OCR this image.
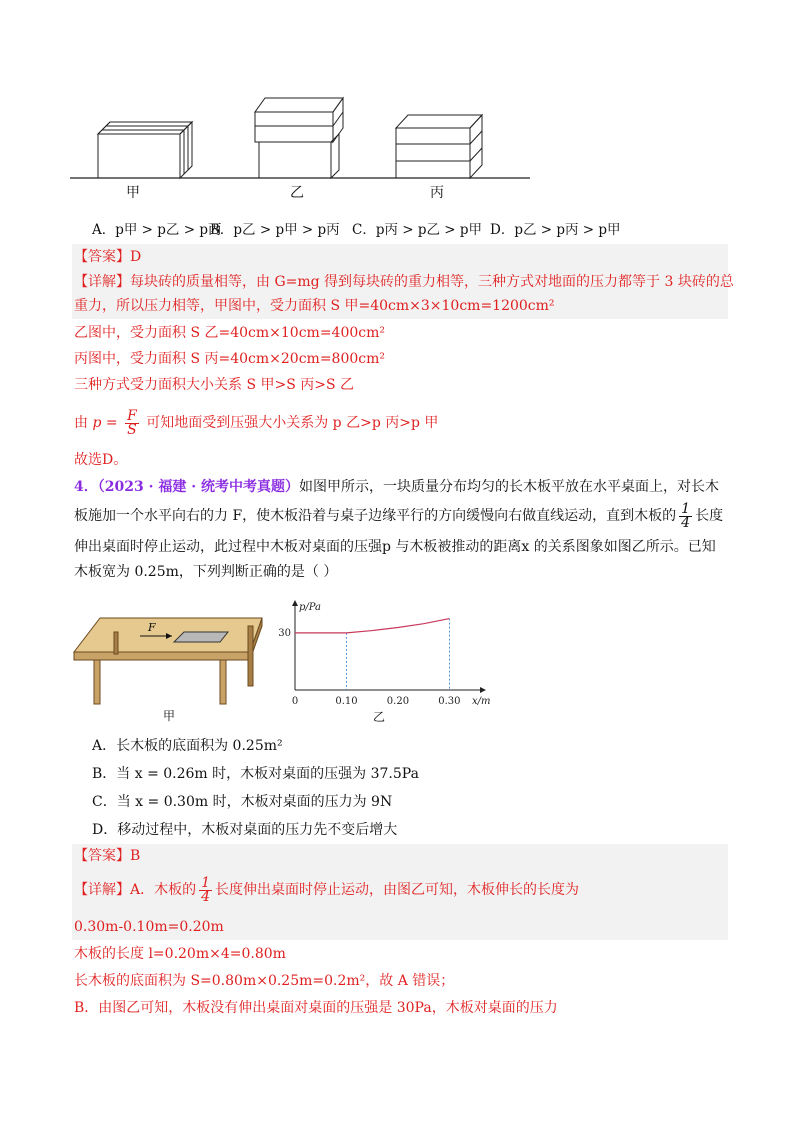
甲	乙	丙
A．p甲 > p乙 > p丙
B．p乙 > p甲 > p丙 C．p丙 > p乙 > p甲 D．p乙 > p丙 > p甲
【答案】D
【详解】每块砖的质量相等，由 G=mg 得到每块砖的重力相等，三种方式对地面的压力都等于 3 块砖的总
重力，所以压力相等，甲图中，受力面积 S 甲=40cm×3×10cm=1200cm²
乙图中，受力面积 S 乙=40cm×10cm=400cm²
丙图中，受力面积 S 丙=40cm×20cm=800cm²
三种方式受力面积大小关系 S 甲>S 丙>S 乙
由 $p = \frac{F}{S}$ 可知地面受到压强大小关系为 p 乙>p 丙>p 甲
故选D。
4．（2023 · 福建 · 统考中考真题）如图甲所示，一块质量分布均匀的长木板平放在水平桌面上，对长木
板施加一个水平向右的力 F，使木板沿着与桌子边缘平行的方向缓慢向右做直线运动，直到木板的 $\frac{1}{4}$ 长度
伸出桌面时停止运动，此过程中木板对桌面的压强p 与木板被推动的距离x 的关系图象如图乙所示。已知
木板宽为 0.25m，下列判断正确的是（ ）
F
甲
p/Pa
x/m
0	0.10	0.20	0.30
30
乙
A．长木板的底面积为 0.25m²
B．当 x = 0.26m 时，木板对桌面的压强为 37.5Pa
C．当 x = 0.30m 时，木板对桌面的压力为 9N
D．移动过程中，木板对桌面的压力先不变后增大
【答案】B
【详解】A．木板的 $\frac{1}{4}$ 长度伸出桌面时停止运动，由图乙可知，木板伸长的长度为
0.30m-0.10m=0.20m
木板的长度 l=0.20m×4=0.80m
长木板的底面积为 S=0.80m×0.25m=0.2m²，故 A 错误；
B．由图乙可知，木板没有伸出桌面对桌面的压强是 30Pa，木板对桌面的压力
